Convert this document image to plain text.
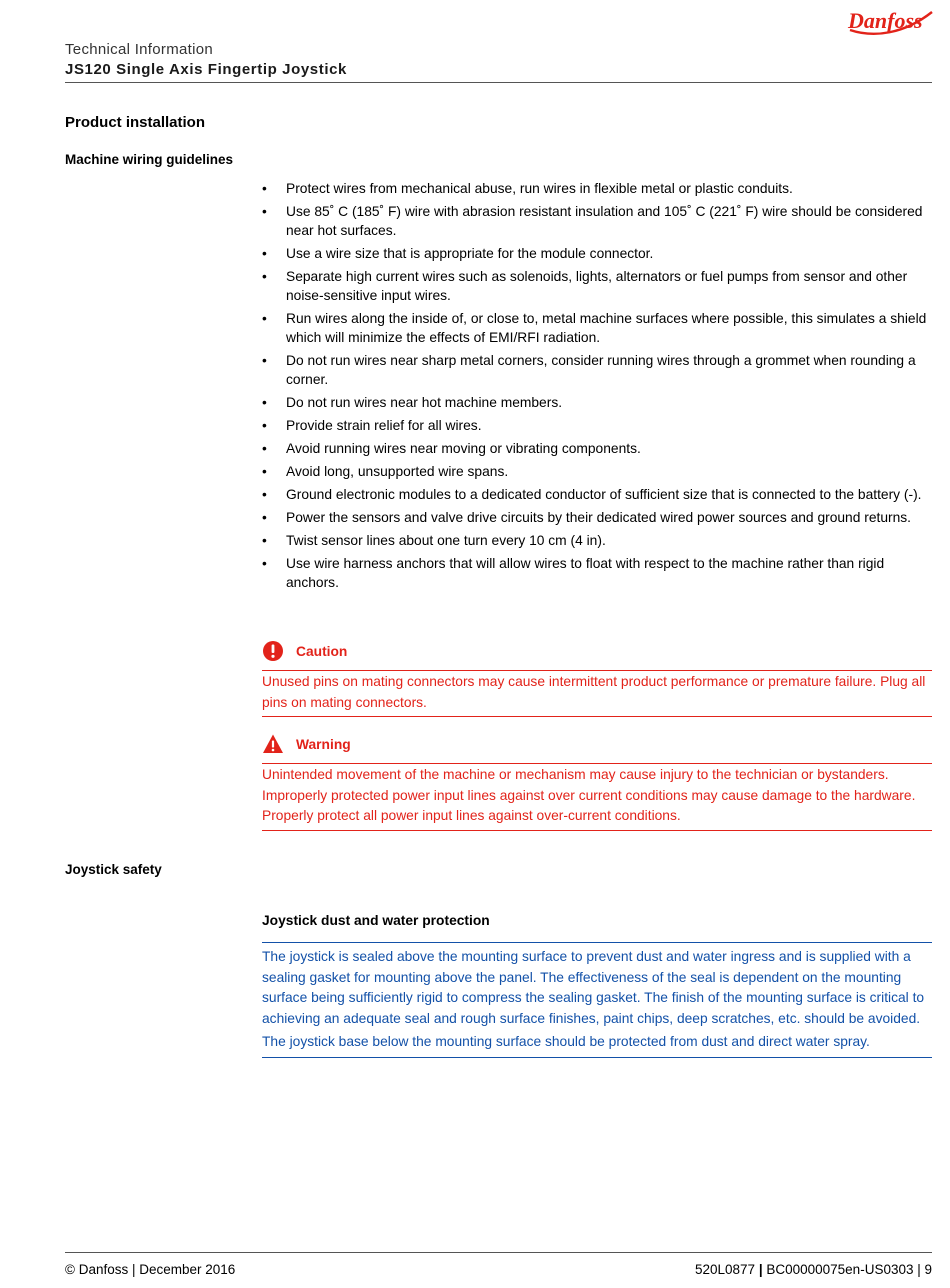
Danfoss
Technical Information
JS120 Single Axis Fingertip Joystick
Product installation
Machine wiring guidelines
• Protect wires from mechanical abuse, run wires in flexible metal or plastic conduits.
• Use 85˚ C (185˚ F) wire with abrasion resistant insulation and 105˚ C (221˚ F) wire should be considered near hot surfaces.
• Use a wire size that is appropriate for the module connector.
• Separate high current wires such as solenoids, lights, alternators or fuel pumps from sensor and other noise-sensitive input wires.
• Run wires along the inside of, or close to, metal machine surfaces where possible, this simulates a shield which will minimize the effects of EMI/RFI radiation.
• Do not run wires near sharp metal corners, consider running wires through a grommet when rounding a corner.
• Do not run wires near hot machine members.
• Provide strain relief for all wires.
• Avoid running wires near moving or vibrating components.
• Avoid long, unsupported wire spans.
• Ground electronic modules to a dedicated conductor of sufficient size that is connected to the battery (-).
• Power the sensors and valve drive circuits by their dedicated wired power sources and ground returns.
• Twist sensor lines about one turn every 10 cm (4 in).
• Use wire harness anchors that will allow wires to float with respect to the machine rather than rigid anchors.
Caution
Unused pins on mating connectors may cause intermittent product performance or premature failure. Plug all pins on mating connectors.
Warning
Unintended movement of the machine or mechanism may cause injury to the technician or bystanders. Improperly protected power input lines against over current conditions may cause damage to the hardware. Properly protect all power input lines against over-current conditions.
Joystick safety
Joystick dust and water protection

The joystick is sealed above the mounting surface to prevent dust and water ingress and is supplied with a sealing gasket for mounting above the panel. The effectiveness of the seal is dependent on the mounting surface being sufficiently rigid to compress the sealing gasket. The finish of the mounting surface is critical to achieving an adequate seal and rough surface finishes, paint chips, deep scratches, etc. should be avoided.

The joystick base below the mounting surface should be protected from dust and direct water spray.

© Danfoss | December 2016	520L0877 | BC00000075en-US0303 | 9
